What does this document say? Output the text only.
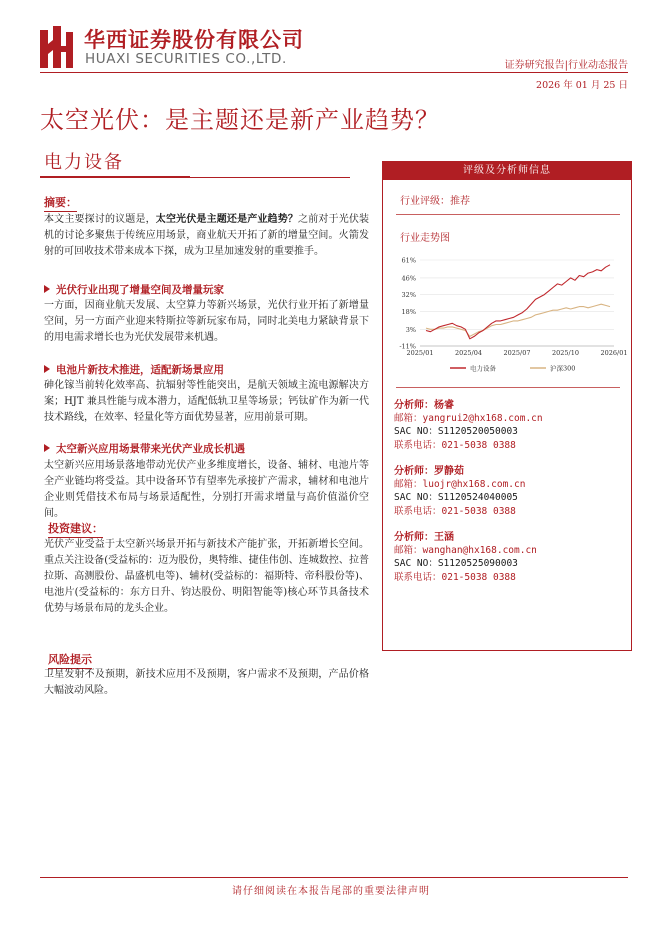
华西证券股份有限公司
HUAXI SECURITIES CO.,LTD.	证券研究报告|行业动态报告
2026 年 01 月 25 日
太空光伏：是主题还是新产业趋势？
电力设备
摘要：
本文主要探讨的议题是，太空光伏是主题还是产业趋势？之前对于光伏装机的讨论多聚焦于传统应用场景，商业航天开拓了新的增量空间。火箭发射的可回收技术带来成本下探，成为卫星加速发射的重要推手。
光伏行业出现了增量空间及增量玩家
一方面，因商业航天发展、太空算力等新兴场景，光伏行业开拓了新增量空间，另一方面产业迎来特斯拉等新玩家布局，同时北美电力紧缺背景下的用电需求增长也为光伏发展带来机遇。
电池片新技术推进，适配新场景应用
砷化镓当前转化效率高、抗辐射等性能突出，是航天领域主流电源解决方案；HJT 兼具性能与成本潜力，适配低轨卫星等场景；钙钛矿作为新一代技术路线，在效率、轻量化等方面优势显著，应用前景可期。
太空新兴应用场景带来光伏产业成长机遇
太空新兴应用场景落地带动光伏产业多维度增长，设备、辅材、电池片等全产业链均将受益。其中设备环节有望率先承接扩产需求，辅材和电池片企业则凭借技术布局与场景适配性，分别打开需求增量与高价值溢价空间。
投资建议：
光伏产业受益于太空新兴场景开拓与新技术产能扩张，开拓新增长空间。重点关注设备(受益标的：迈为股份，奥特维、捷佳伟创、连城数控、拉普拉斯、高测股份、晶盛机电等)、辅材(受益标的：福斯特、帝科股份等)、电池片(受益标的：东方日升、钧达股份、明阳智能等)核心环节具备技术优势与场景布局的龙头企业。
风险提示
卫星发射不及预期，新技术应用不及预期，客户需求不及预期，产品价格大幅波动风险。
评级及分析师信息
行业评级：推荐
行业走势图
61%
46%
32%
18%
3%
-11%
2025/01	2025/04	2025/07	2025/10	2026/01
电力设备	沪深300
分析师：杨睿
邮箱：yangrui2@hx168.com.cn
SAC NO：S1120520050003
联系电话：021-5038 0388
分析师：罗静茹
邮箱：luojr@hx168.com.cn
SAC NO：S1120524040005
联系电话：021-5038 0388
分析师：王涵
邮箱：wanghan@hx168.com.cn
SAC NO：S1120525090003
联系电话：021-5038 0388
请仔细阅读在本报告尾部的重要法律声明
